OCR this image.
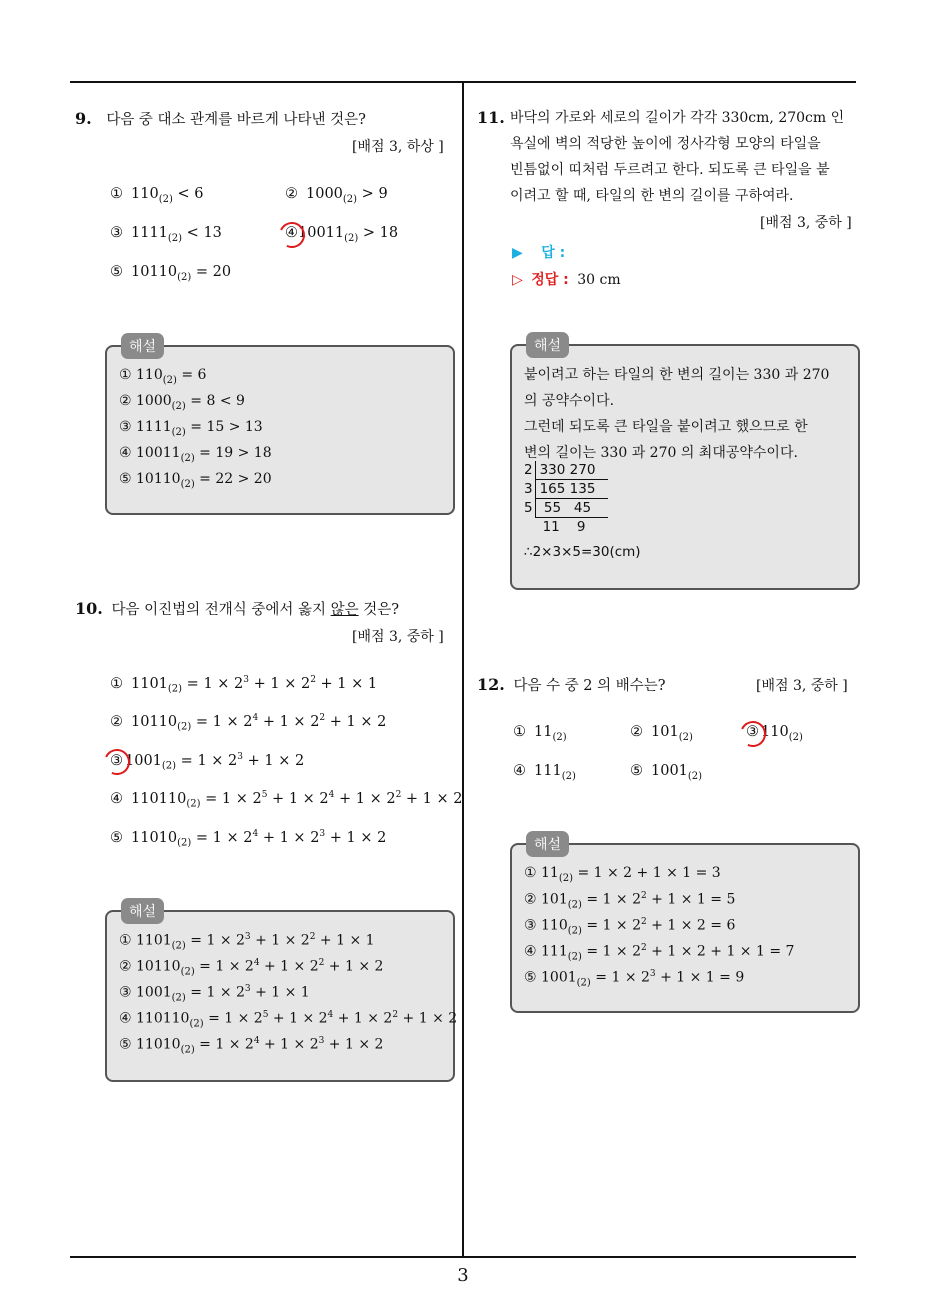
9. 다음 중 대소 관계를 바르게 나타낸 것은?
[배점 3, 하상 ]
① $110_{(2)} < 6$	② $1000_{(2)} > 9$
③ $1111_{(2)} < 13$	$④10011_{(2)} > 18$
⑤ $10110_{(2)} = 20$
해설
① $110_{(2)} = 6$
② $1000_{(2)} = 8 < 9$
③ $1111_{(2)} = 15 > 13$
④ $10011_{(2)} = 19 > 18$
⑤ $10110_{(2)} = 22 > 20$
10. 다음 이진법의 전개식 중에서 옳지 않은 것은?
[배점 3, 중하 ]
① $1101_{(2)} = 1 \times 2^3 + 1 \times 2^2 + 1 \times 1$
② $10110_{(2)} = 1 \times 2^4 + 1 \times 2^2 + 1 \times 2$
③ $1001_{(2)} = 1 \times 2^3 + 1 \times 2$
④ $110110_{(2)} = 1 \times 2^5 + 1 \times 2^4 + 1 \times 2^2 + 1 \times 2$
⑤ $11010_{(2)} = 1 \times 2^4 + 1 \times 2^3 + 1 \times 2$
해설
① $1101_{(2)} = 1 \times 2^3 + 1 \times 2^2 + 1 \times 1$
② $10110_{(2)} = 1 \times 2^4 + 1 \times 2^2 + 1 \times 2$
③ $1001_{(2)} = 1 \times 2^3 + 1 \times 1$
④ $110110_{(2)} = 1 \times 2^5 + 1 \times 2^4 + 1 \times 2^2 + 1 \times 2$
⑤ $11010_{(2)} = 1 \times 2^4 + 1 \times 2^3 + 1 \times 2$
11. 바닥의 가로와 세로의 길이가 각각 330cm, 270cm 인
욕실에 벽의 적당한 높이에 정사각형 모양의 타일을
빈틈없이 띠처럼 두르려고 한다. 되도록 큰 타일을 붙
이려고 할 때, 타일의 한 변의 길이를 구하여라.
[배점 3, 중하 ]
▶ 답 :
▷ 정답 : 30 cm
해설
붙이려고 하는 타일의 한 변의 길이는 330 과 270
의 공약수이다.
그런데 되도록 큰 타일을 붙이려고 했으므로 한
변의 길이는 330 과 270 의 최대공약수이다.
2 330 270
3 165 135
5 55   45
11    9
∴2×3×5=30(cm)
12. 다음 수 중 2 의 배수는?	[배점 3, 중하 ]
① $11_{(2)}$	② $101_{(2)}$	③ $110_{(2)}$
④ $111_{(2)}$	⑤ $1001_{(2)}$
해설
① $11_{(2)} = 1 \times 2 + 1 \times 1 = 3$
② $101_{(2)} = 1 \times 2^2 + 1 \times 1 = 5$
③ $110_{(2)} = 1 \times 2^2 + 1 \times 2 = 6$
④ $111_{(2)} = 1 \times 2^2 + 1 \times 2 + 1 \times 1 = 7$
⑤ $1001_{(2)} = 1 \times 2^3 + 1 \times 1 = 9$
3
